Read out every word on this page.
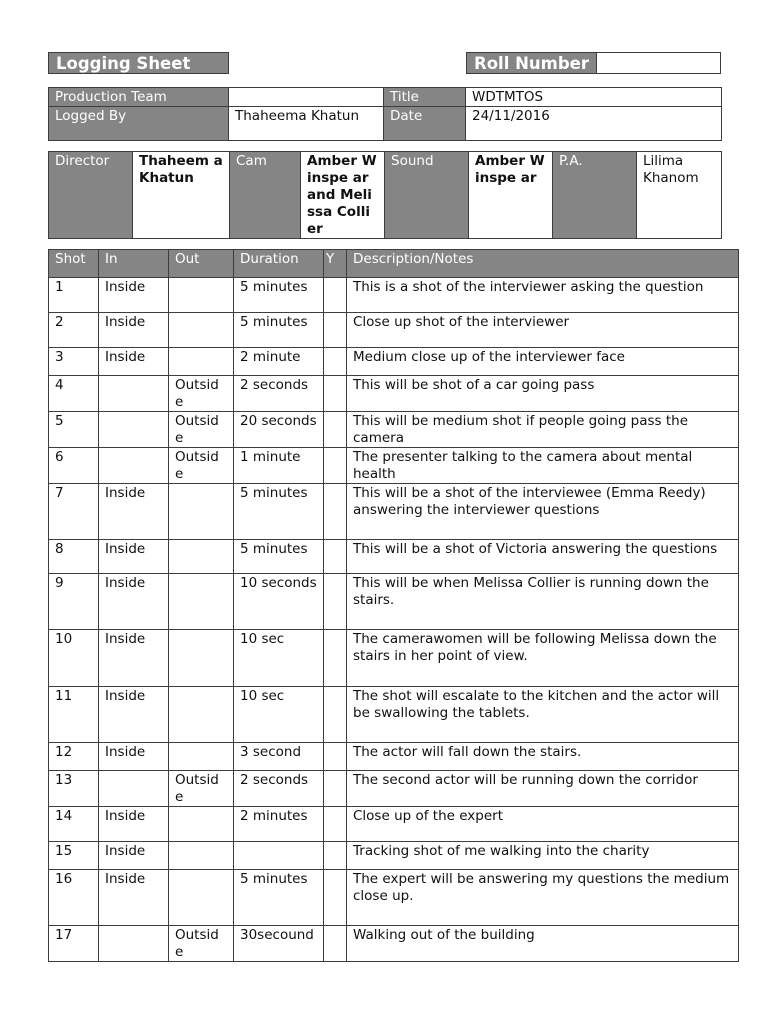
Logging Sheet	Roll Number
Production Team		Title	WDTMTOS
Logged By	Thaheema Khatun	Date	24/11/2016
Director	Thaheem a Khatun	Cam	Amber Winspe ar and Melissa Collier	Sound	Amber Winspe ar	P.A.	Lilima Khanom
Shot	In	Out	Duration	Y	Description/Notes
1	Inside		5 minutes		This is a shot of the interviewer asking the question
2	Inside		5 minutes		Close up shot of the interviewer
3	Inside		2 minute		Medium close up of the interviewer face
4		Outside	2 seconds		This will be shot of a car going pass
5		Outside	20 seconds		This will be medium shot if people going pass the camera
6		Outside	1 minute		The presenter talking to the camera about mental health
7	Inside		5 minutes		This will be a shot of the interviewee (Emma Reedy) answering the interviewer questions
8	Inside		5 minutes		This will be a shot of Victoria answering the questions
9	Inside		10 seconds		This will be when Melissa Collier is running down the stairs.
10	Inside		10 sec		The camerawomen will be following Melissa down the stairs in her point of view.
11	Inside		10 sec		The shot will escalate to the kitchen and the actor will be swallowing the tablets.
12	Inside		3 second		The actor will fall down the stairs.
13		Outside	2 seconds		The second actor will be running down the corridor
14	Inside		2 minutes		Close up of the expert
15	Inside				Tracking shot of me walking into the charity
16	Inside		5 minutes		The expert will be answering my questions the medium close up.
17		Outside	30secound		Walking out of the building
